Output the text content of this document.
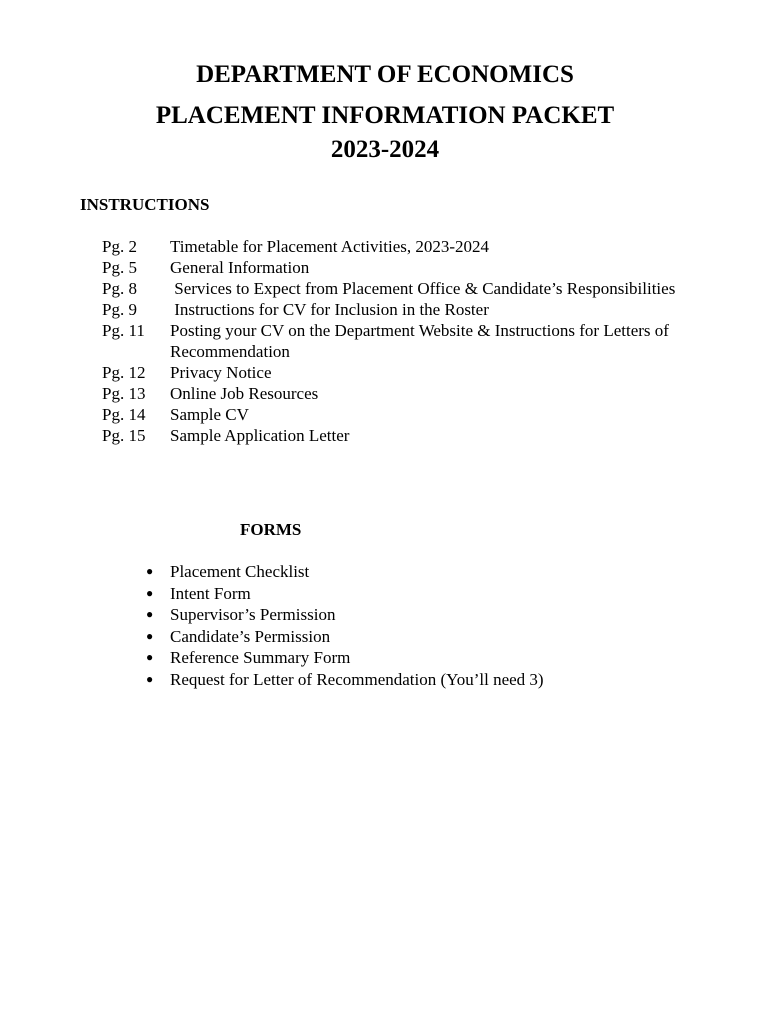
DEPARTMENT OF ECONOMICS
PLACEMENT INFORMATION PACKET
2023-2024
INSTRUCTIONS
Pg. 2	Timetable for Placement Activities, 2023-2024
Pg. 5	General Information
Pg. 8	Services to Expect from Placement Office & Candidate’s Responsibilities
Pg. 9	Instructions for CV for Inclusion in the Roster
Pg. 11	Posting your CV on the Department Website & Instructions for Letters of Recommendation
Pg. 12	Privacy Notice
Pg. 13	Online Job Resources
Pg. 14	Sample CV
Pg. 15	Sample Application Letter
FORMS
● Placement Checklist
● Intent Form
● Supervisor’s Permission
● Candidate’s Permission
● Reference Summary Form
● Request for Letter of Recommendation (You’ll need 3)
